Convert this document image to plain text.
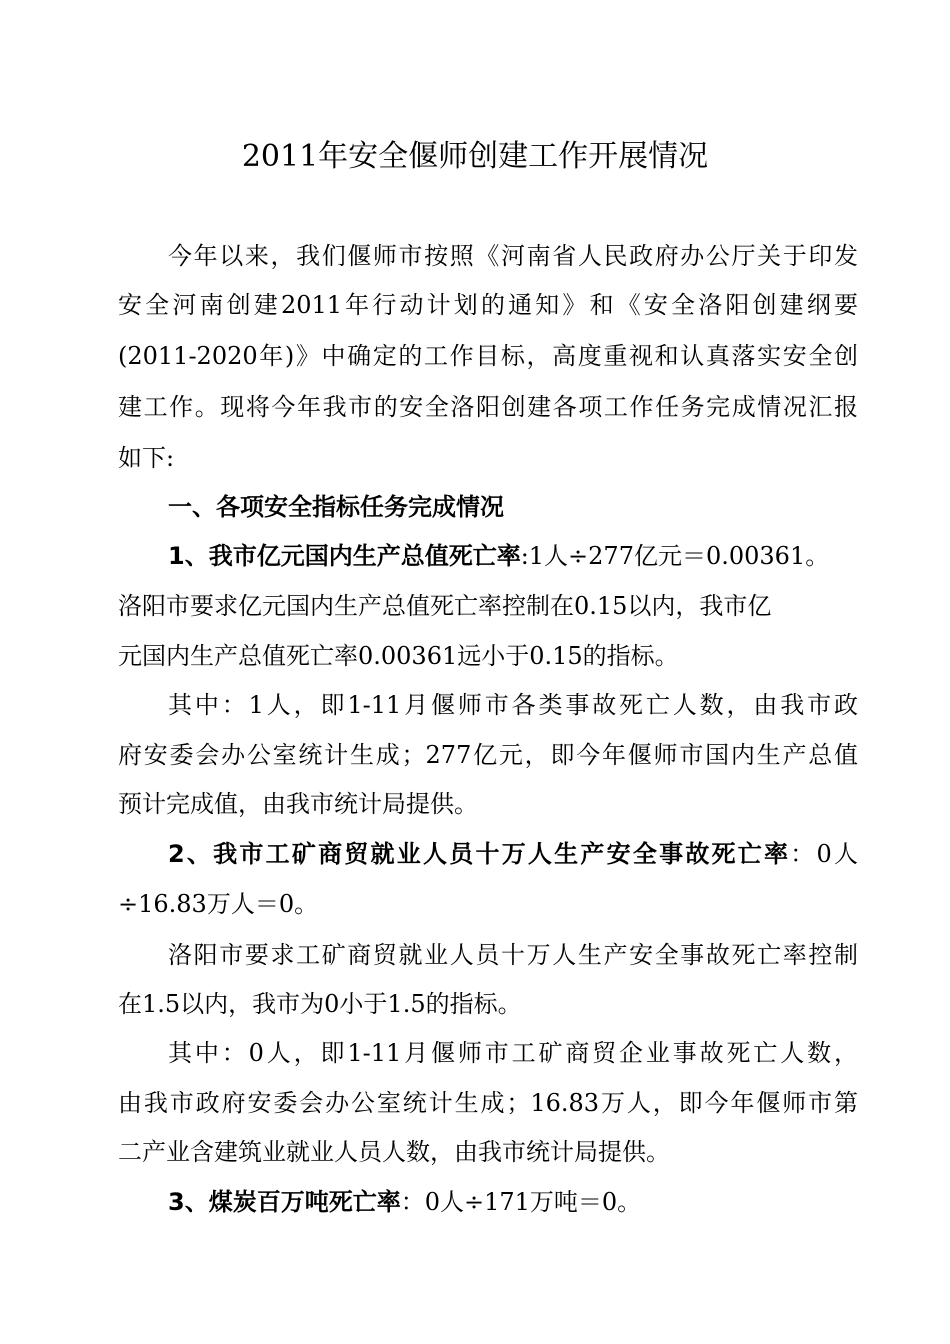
2011年安全偃师创建工作开展情况
今年以来，我们偃师市按照《河南省人民政府办公厅关于印发
安全河南创建2011年行动计划的通知》和《安全洛阳创建纲要
(2011-2020年)》中确定的工作目标，高度重视和认真落实安全创
建工作。现将今年我市的安全洛阳创建各项工作任务完成情况汇报
如下:
一、各项安全指标任务完成情况
1、我市亿元国内生产总值死亡率:1人÷277亿元＝0.00361。
洛阳市要求亿元国内生产总值死亡率控制在0.15以内，我市亿
元国内生产总值死亡率0.00361远小于0.15的指标。
其中：1人，即1-11月偃师市各类事故死亡人数，由我市政
府安委会办公室统计生成；277亿元，即今年偃师市国内生产总值
预计完成值，由我市统计局提供。
2、我市工矿商贸就业人员十万人生产安全事故死亡率：0人
÷16.83万人＝0。
洛阳市要求工矿商贸就业人员十万人生产安全事故死亡率控制
在1.5以内，我市为0小于1.5的指标。
其中：0人，即1-11月偃师市工矿商贸企业事故死亡人数，
由我市政府安委会办公室统计生成；16.83万人，即今年偃师市第
二产业含建筑业就业人员人数，由我市统计局提供。
3、煤炭百万吨死亡率：0人÷171万吨＝0。
